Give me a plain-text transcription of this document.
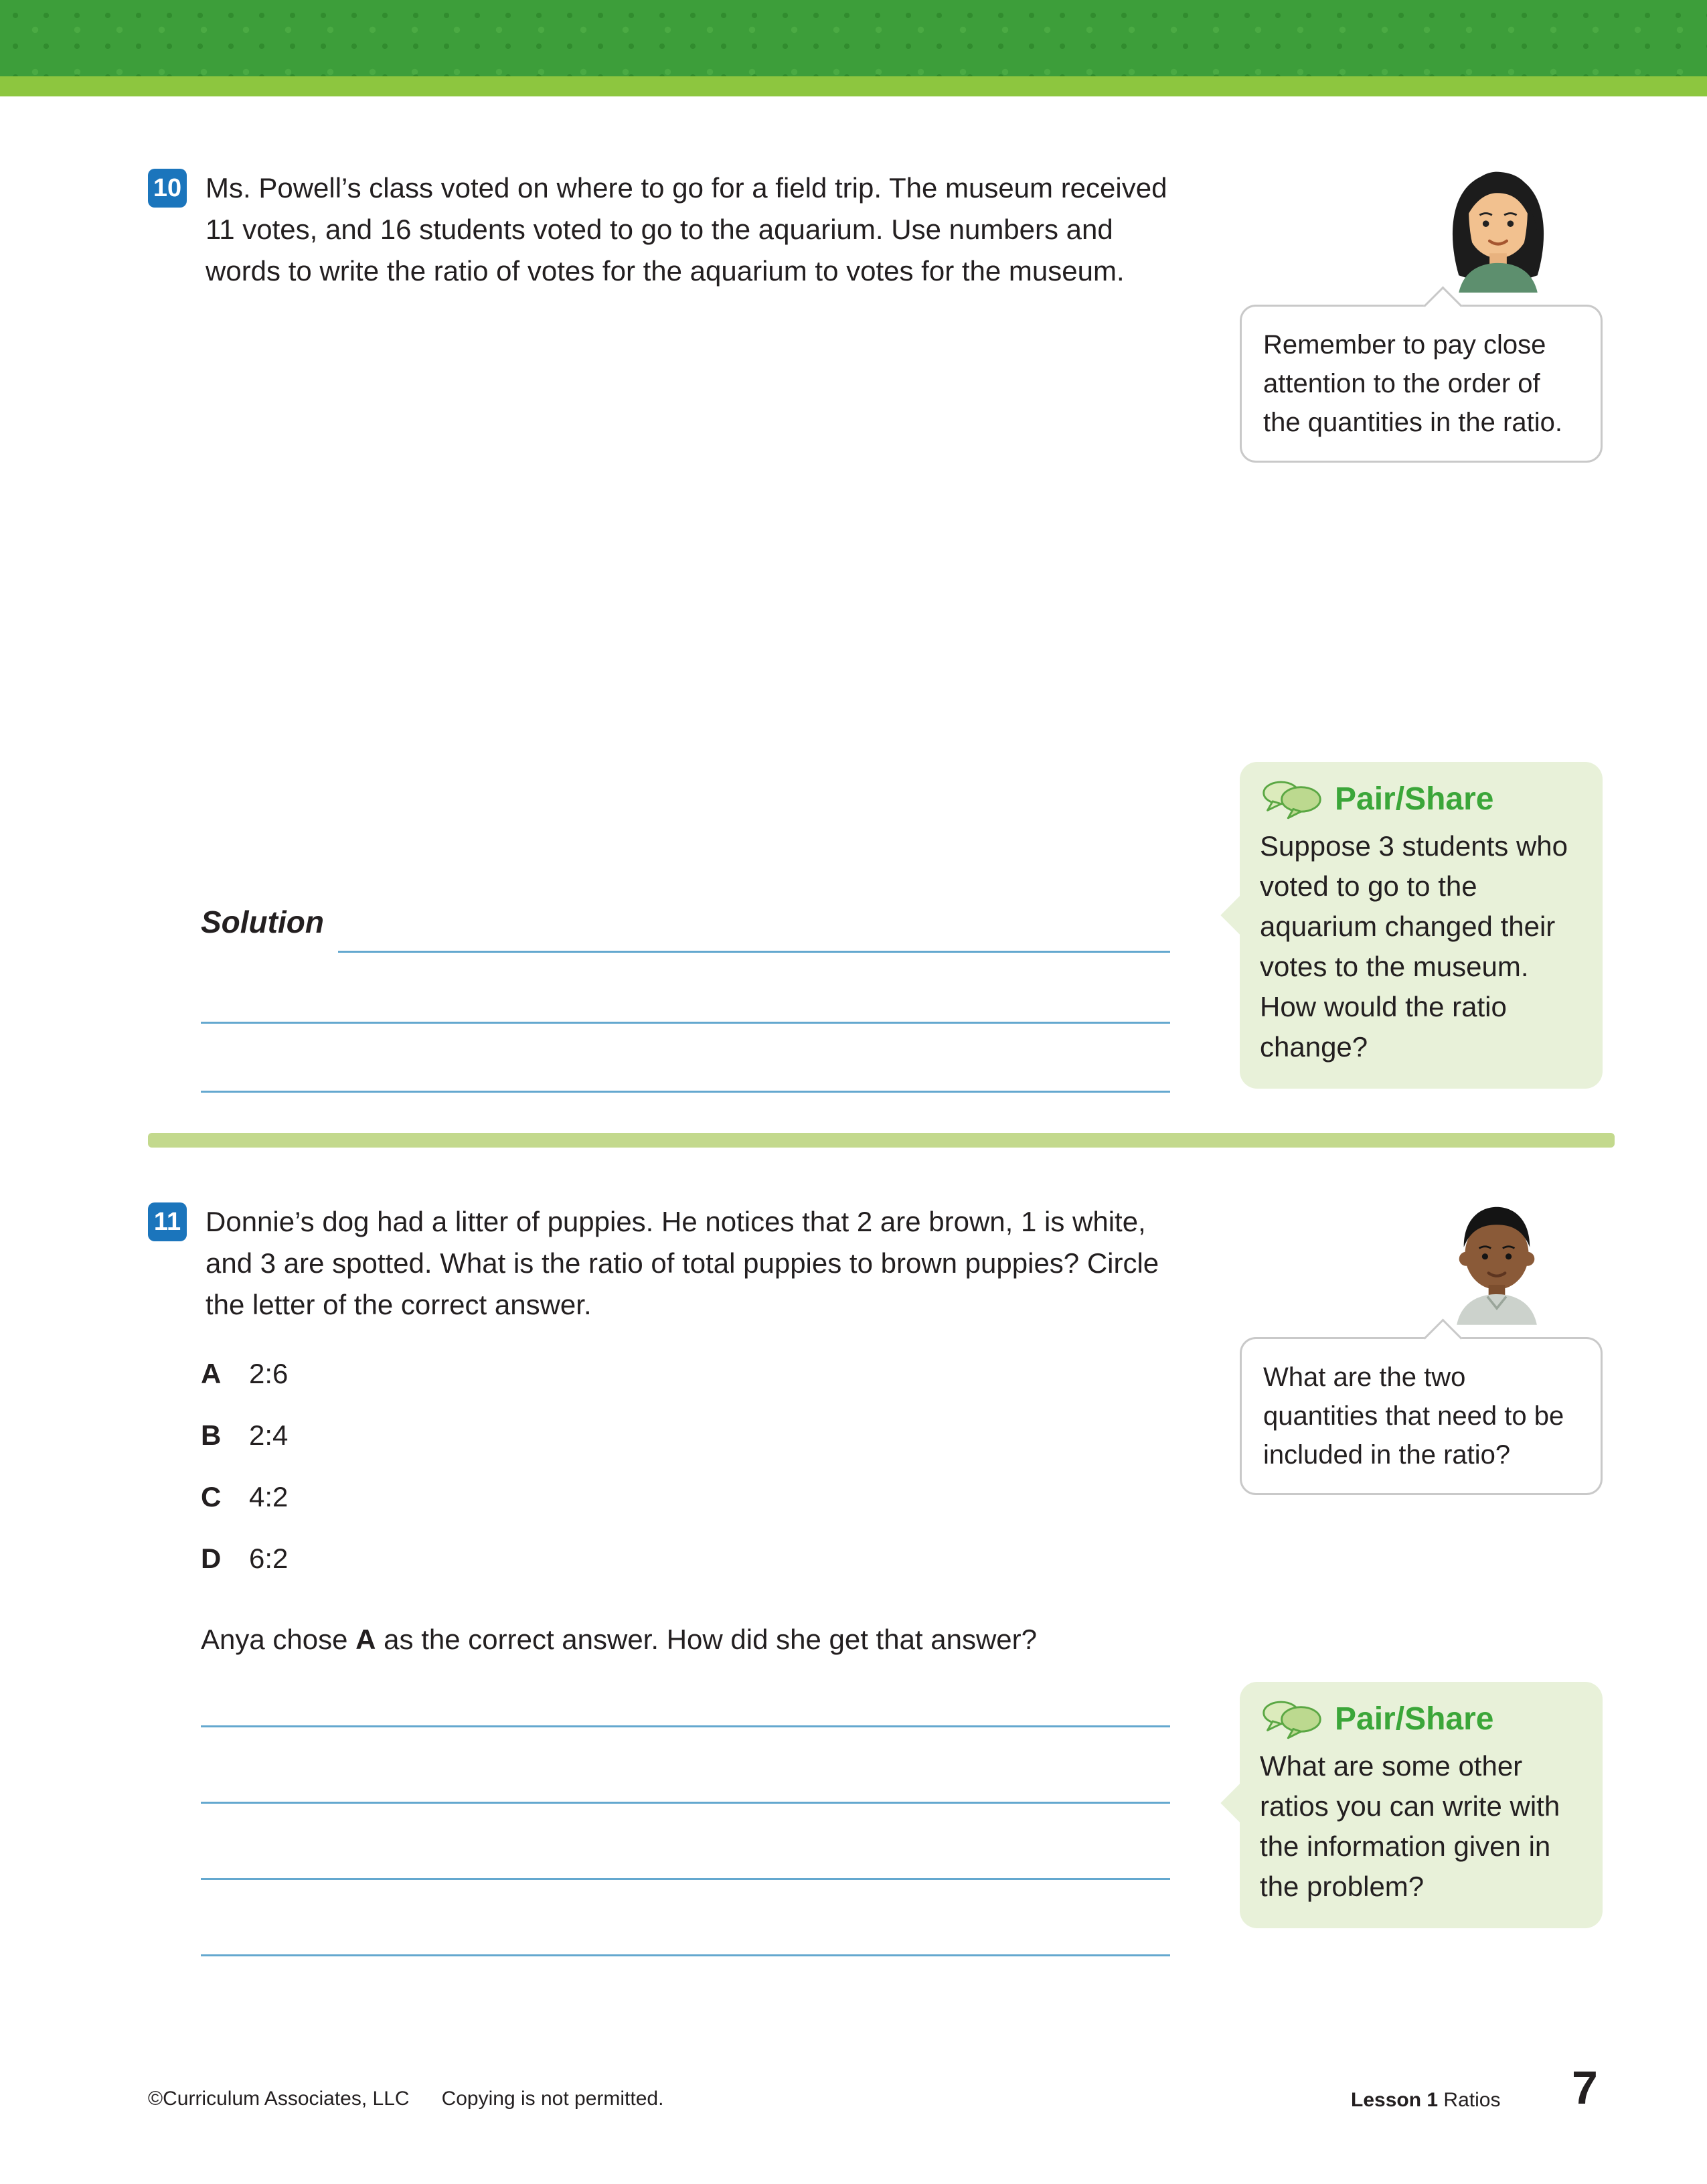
10 Ms. Powell’s class voted on where to go for a field trip. The museum received 11 votes, and 16 students voted to go to the aquarium. Use numbers and words to write the ratio of votes for the aquarium to votes for the museum.

Remember to pay close attention to the order of the quantities in the ratio.

Pair/Share

Suppose 3 students who voted to go to the aquarium changed their votes to the museum. How would the ratio change?

Solution
11 Donnie’s dog had a litter of puppies. He notices that 2 are brown, 1 is white, and 3 are spotted. What is the ratio of total puppies to brown puppies? Circle the letter of the correct answer.

What are the two quantities that need to be included in the ratio?

A 2:6
B 2:4
C 4:2
D 6:2
Anya chose A as the correct answer. How did she get that answer?
Pair/Share

What are some other ratios you can write with the information given in the problem?

©Curriculum Associates, LLC Copying is not permitted.	Lesson 1 Ratios 7
